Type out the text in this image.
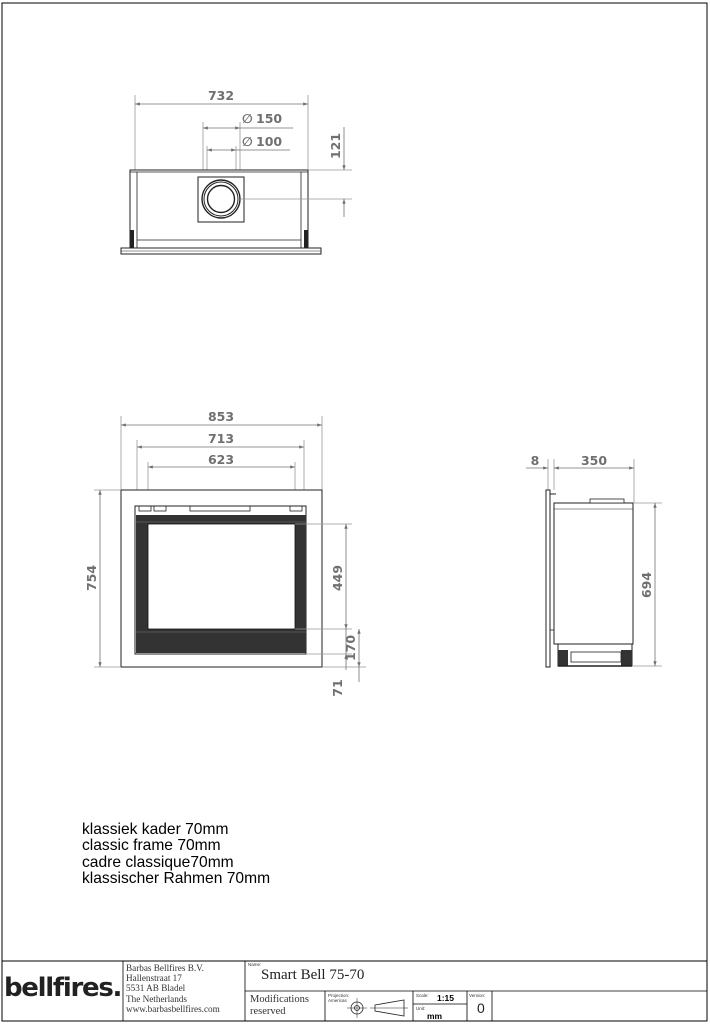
732
∅ 150
∅ 100	121
853
713
623
754	449
170
71
8	350
694
klassiek kader 70mm
classic frame 70mm
cadre classique70mm
klassischer Rahmen 70mm
bellfires.
Barbas Bellfires B.V.
Hallenstraat 17
5531 AB Bladel
The Netherlands
www.barbasbellfires.com
Name:
Smart Bell 75-70
Modifications
reserved
Projection:
Americas
Scale: 1:15
Unit:
mm
Version:
0
